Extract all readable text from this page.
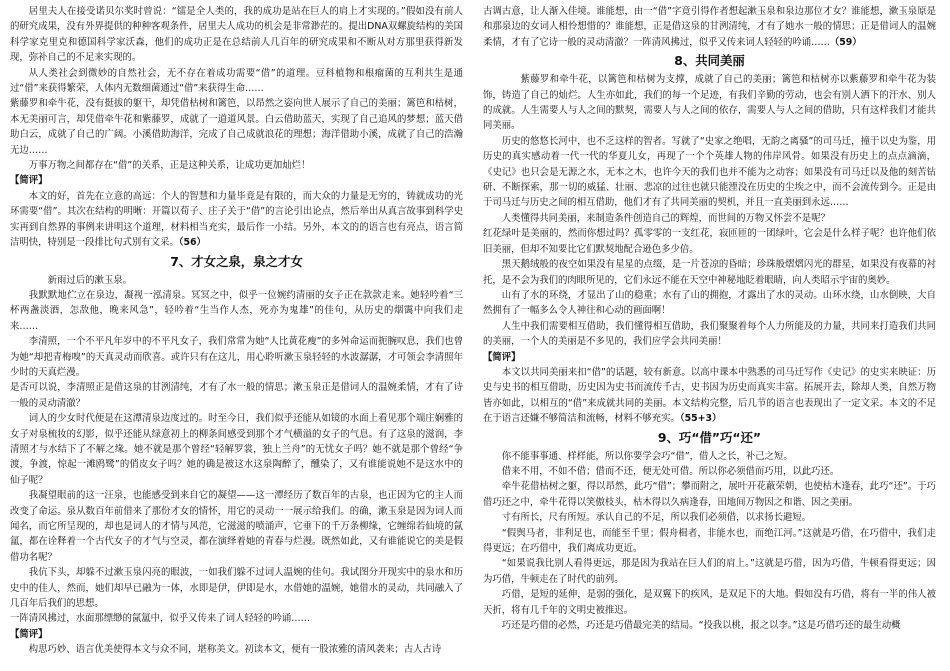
居里夫人在接受诺贝尔奖时曾说：“镭是全人类的，我的成功是站在巨人的肩上才实现的。”假如没有前人的研究成果，没有外界提供的种种客观条件，居里夫人成功的机会是非常渺茫的。提出DNA双螺旋结构的美国科学家克里克和德国科学家沃森，他们的成功正是在总结前人几百年的研究成果和不断从对方那里获得新发现，弥补自己的不足来实现的。

从人类社会到微妙的自然社会，无不存在着成功需要“借”的道理。豆科植物和根瘤菌的互利共生是通过“借”来获得繁荣，人体内无数细菌通过“借”来获得生命……

紫藤罗和牵牛花，没有挺拔的躯干，却凭借枯树和篱笆，以昂然之姿向世人展示了自己的美丽；篱笆和枯树，本无美丽可言，却凭借牵牛花和紫藤罗，成就了一道道风景。白云借助蓝天，实现了自己追风的梦想；蓝天借助白云，成就了自己的广阔。小溪借助海洋，完成了自己成就浪花的理想；海洋借助小溪，成就了自己的浩瀚无边……

万事万物之间都存在“借”的关系，正是这种关系，让成功更加灿烂！

【简评】

本文的好，首先在立意的高远：个人的智慧和力量毕竟是有限的，而大众的力量是无穷的，铸就成功的光环需要“借”。其次在结构的明晰：开篇以荀子、庄子关于“借”的言论引出论点，然后举出从真言故事到科学史实再到自然界的事例来讲明这个道理，材料相当充实，最后作一小结。另外，本文的的语言也有亮点，语言简洁明快，特别是一段排比句式别有文采。（56）

7、才女之泉，泉之才女

新雨过后的漱玉泉。

我默默地伫立在泉边，凝视一泓清泉。冥冥之中，似乎一位婉约清丽的女子正在款款走来。她轻吟着“三杯两盏淡酒，怎敌他，晚来风急”，轻吟着“生当作人杰，死亦为鬼雄”的佳句，从历史的烟霭中向我们走来……

李清照，一个不平凡年岁中的不平凡女子，我们常常为她“人比黄花瘦”的多舛命运而扼腕叹息，我们也曾为她“却把青梅嗅”的天真灵动而欣喜。或许只有在这儿，用心聆听漱玉泉轻轻的水波潺潺，才可领会李清照年少时的天真烂漫。

是否可以说，李清照正是借这泉的甘洌清纯，才有了水一般的情思；漱玉泉正是借词人的温婉柔情，才有了诗一般的灵动清澈？

词人的少女时代便是在这潭清泉边度过的。时至今日，我们似乎还能从如镜的水面上看见那个端庄娴雅的女子对泉梳妆的幻影，似乎还能从绿意初上的柳条间感受到那个才气横溢的女子的气息。有了这泉的滋润，李清照才与水结下了不解之缘。她不就是那个曾经“轻解罗裳，独上兰舟”的无忧女子吗？她不就是那个曾经“争渡，争渡，惊起一滩鸥鹭”的俏皮女子吗？她的确是被这水这泉陶醉了，醺染了，又有谁能说她不是这水中的仙子呢？

我凝望眼前的这一汪泉，也能感受到来自它的凝望——这一潭经历了数百年的古泉，也正因为它的主人而改变了命运。泉从数百年前借来了那份才女的情怀，用它的灵动一一展示给我们。的确，漱玉泉是因为词人而闻名，而它所呈现的，却也是词人的才情与风范，它滋滋的喷涌声，它垂下的千万条柳缘，它缠绵若仙境的氤氲，都在诠释着一个古代女子的才气与空灵，都在演绎着她的青春与烂漫。既然如此，又有谁能说它的美是假借功名呢？

我伉下头，却躲不过漱玉泉闪亮的眼波，一如我们躲不过词人温婉的佳句。我试图分开现实中的泉水和历史中的佳人，然而，她们却早已融为一体，水即是伊，伊即是水，水借她的温婉，她借水的灵动，共同融入了几百年后我们的思想。

一阵清风拂过，水面那缥缈的氤氲中，似乎又传来了词人轻轻的吟诵……

【简评】

构思巧妙、语言优美使得本文与众不同，堪称美文。初读本文，便有一股浓雅的清风袭来；古人古诗

古调古意，让人渐入佳境。谁能想，由一“借”字竟引得作者想起漱玉泉和泉边那位才女？谁能想，漱玉泉原是和那泉边的女词人相怜想惜的？谁能想，正是借这泉的甘洌清纯，才有了她水一般的情思；正是借词人的温婉柔情，才有了它诗一般的灵动清澈？一阵清风拂过，似乎又传来词人轻轻的吟诵……（59）

8、共同美丽

紫藤罗和牵牛花，以篱笆和枯树为支撑，成就了自己的美丽；篱笆和枯树亦以紫藤罗和牵牛花为装饰，铸造了自己的灿烂。人生亦如此，我们的每一个足迹，有我们辛勤的劳动，也会有别人洒下的汗水、别人的成就。人生需要人与人之间的默契，需要人与人之间的依存，需要人与人之间的借助，只有这样我们才能共同美丽。

历史的悠悠长河中，也不乏这样的智者。写就了“史家之绝唱，无韵之离骚”的司马迁，撞于以史为鉴，用历史的真实感动着一代一代的华夏儿女，再现了一个个英雄人物的伟岸风骨。如果没有历史上的点点滴滴，《史记》也只会是无源之水，无本之木，也许今天的我们也并不能为之动容；如果没有司马迁以及他的刻苦钻研、不断探索，那一切的威猛、壮丽、悲凉的过往也就只能湮没在历史的尘埃之中，而不会流传到今。正是由于司马迁与历史之间的相互借助，他们才有了共同美丽的契机，并且一直美丽到永远……

人类懂得共同美丽，来制造条件创造自己的辉煌，而世间的万物又怀尝不是呢？

红花绿叶是美丽的，然而你想过吗？孤零零的一支红花，寂匝匝的一团绿叶，它会是什么样子呢？也许他们依旧美丽，但却不知要比它们默契地配合逊色多少倍。

黑天鹅绒般的夜空如果没有星星的点缀，是一片苍凉的昏暗；珍珠般熠熠闪光的群星，如果没有夜幕的衬托，是不会为我们的肉眼所见的，它们永远不能在天空中神秘地眨着眼睛，向人类昭示宇宙的奥妙。

山有了水的环绕，才显出了山的稳重；水有了山的拥抱，才露出了水的灵动。山环水绕，山水倒映，大自然拥有了一幅多么令人神往和心动的画面啊！

人生中我们需要相互借助，我们懂得相互借助，我们聚聚着每个人力所能及的力量，共同来打造我们共同的美丽，一个人的美丽是不多见的，我们应学会共同美丽！

【简评】

本文以共同美丽来扣“借”的话题，较有新意。以高中课本中熟悉的司马迁写作《史记》的史实来映证：历史与史书的相互借助，历史因为史书而流传千古，史书因为历史而真实丰富。拓展开去，除却人类，自然万物皆亦如此，以相互的“借”来成就共同的美丽。本文结构完整，后几节的语言也表现出了一定文采。本文的不足在于语言还嫌不够简洁和流畅，材料不够充实。（55+3）

9、巧“借”巧“还”

你不能事事通、样样能，所以你要学会巧“借”，借人之长，补己之短。

借来不用，不如不借；借而不还，便无处可借。所以你必须借而巧用，以此巧还。

牵牛花借枯树之躯，得以昂然，此巧“借”；攀而附之，展叶开花蔽荣朝，也使枯木逢春，此巧“还”。于巧借巧还之中，牵牛花得以笑傲枝头，枯木得以久病逢春，田地间万物因之和谐、因之美丽。

寸有所长，尺有所短。承认自己的不足，所以我们必须借，以求扬长避短。

“假舆马者，非利足也，而能至千里；假舟楫者，非能水也，而绝江河。”这就是巧借，在巧借中，我们走得更远；在巧借中，我们离成功更近。

“如果说我比别人看得更远，那是因为我站在巨人们的肩上。”这就是巧借，因为巧借，牛顿看得更远；因为巧借，牛顿走在了时代的前列。

巧借，是短的延伸，是弱的强化，是双翼下的疾风，是双足下的大地。假如没有巧借，将有一半的伟人被天折，将有几千年的文明史被推迟。

巧还是巧借的必然，巧还是巧借最完美的结局。“投我以桃，报之以李。”这是巧借巧还的最生动概
